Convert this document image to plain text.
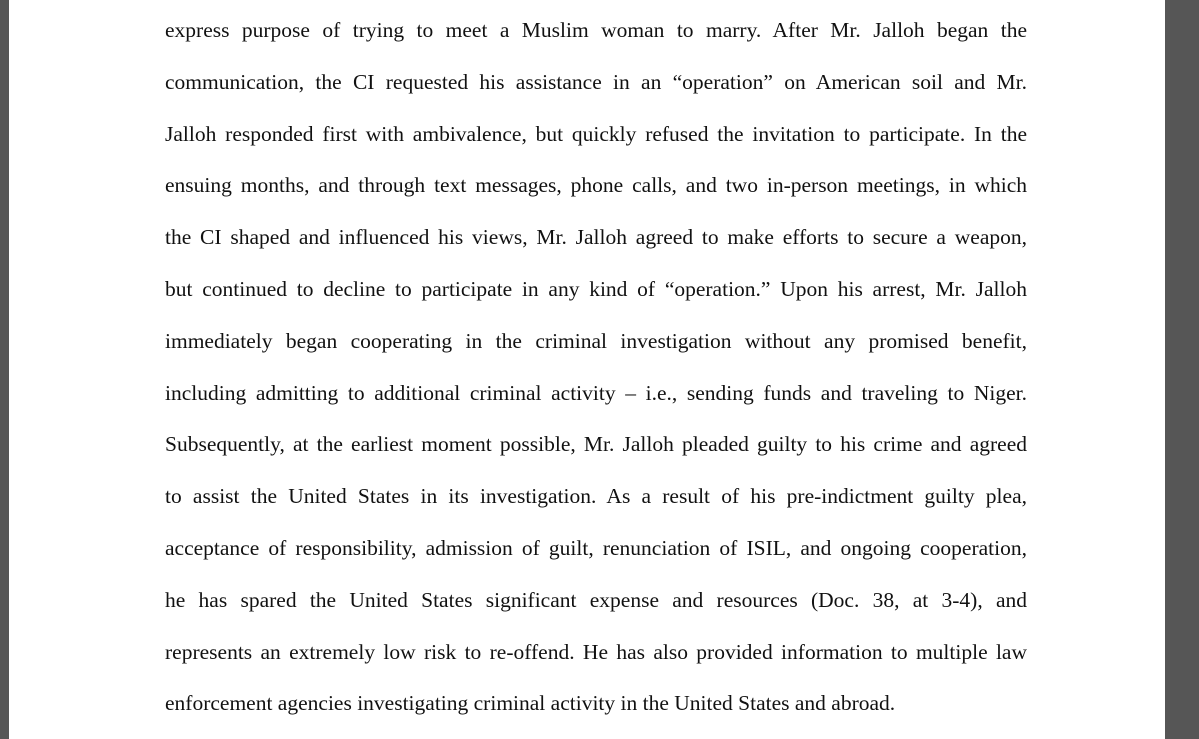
express purpose of trying to meet a Muslim woman to marry. After Mr. Jalloh began the
communication, the CI requested his assistance in an “operation” on American soil and Mr.
Jalloh responded first with ambivalence, but quickly refused the invitation to participate. In the
ensuing months, and through text messages, phone calls, and two in-person meetings, in which
the CI shaped and influenced his views, Mr. Jalloh agreed to make efforts to secure a weapon,
but continued to decline to participate in any kind of “operation.” Upon his arrest, Mr. Jalloh
immediately began cooperating in the criminal investigation without any promised benefit,
including admitting to additional criminal activity – i.e., sending funds and traveling to Niger.
Subsequently, at the earliest moment possible, Mr. Jalloh pleaded guilty to his crime and agreed
to assist the United States in its investigation. As a result of his pre-indictment guilty plea,
acceptance of responsibility, admission of guilt, renunciation of ISIL, and ongoing cooperation,
he has spared the United States significant expense and resources (Doc. 38, at 3-4), and
represents an extremely low risk to re-offend. He has also provided information to multiple law
enforcement agencies investigating criminal activity in the United States and abroad.
